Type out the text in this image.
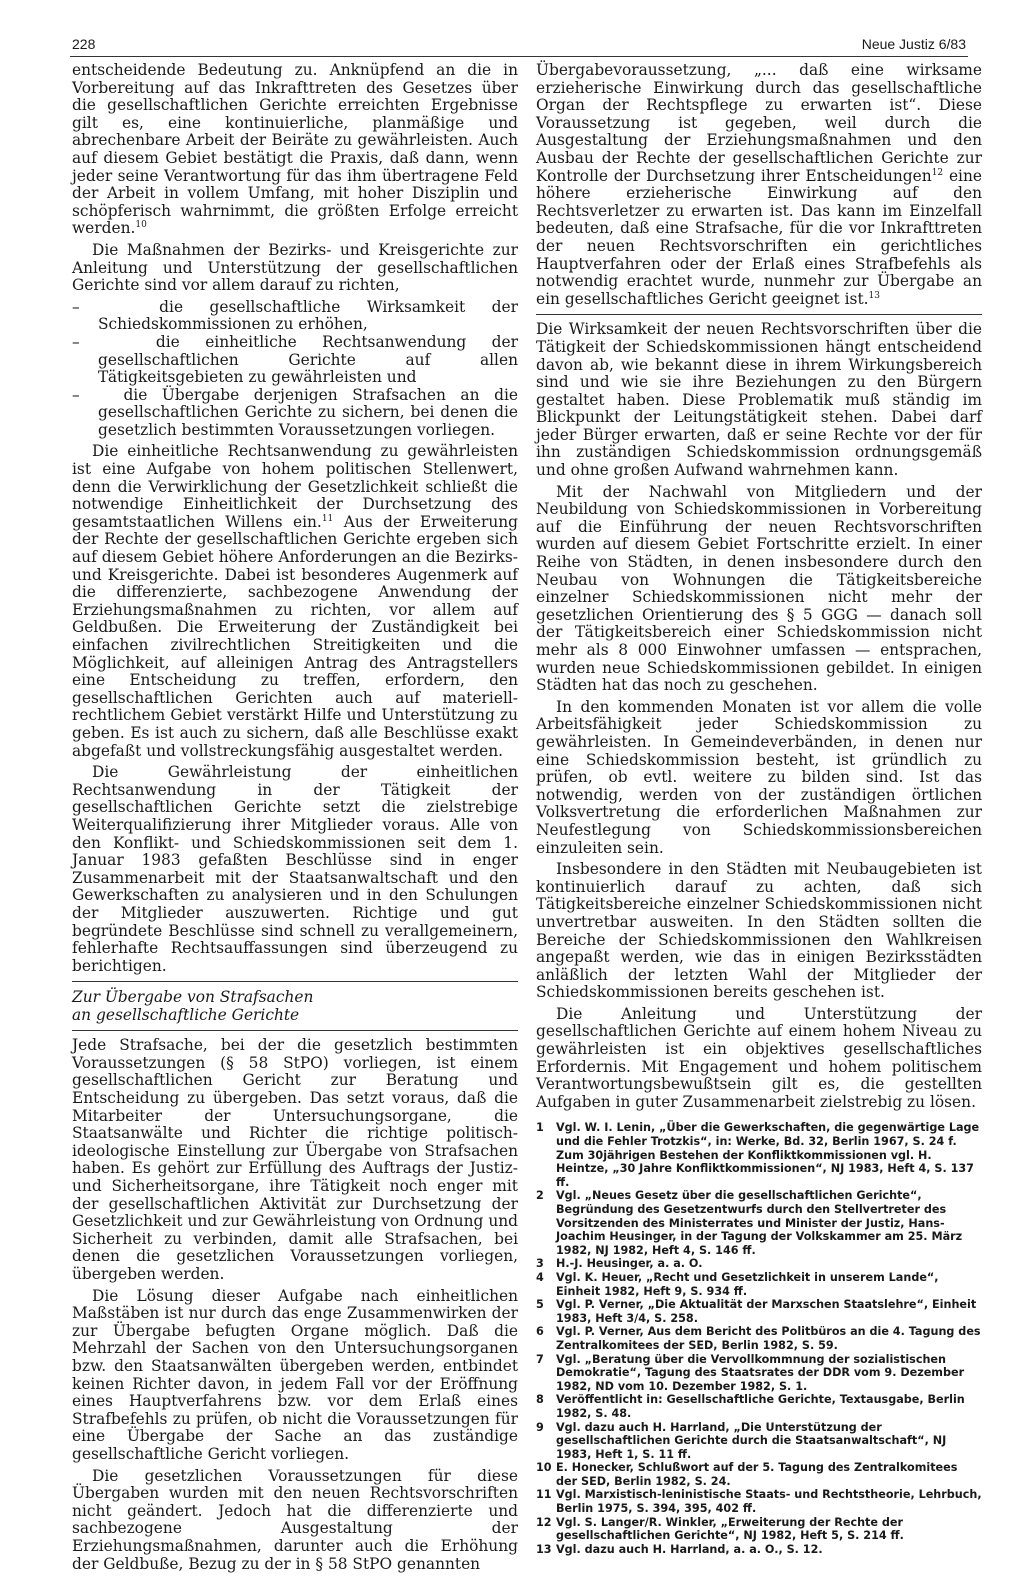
228	Neue Justiz 6/83

entscheidende Bedeutung zu. Anknüpfend an die in Vorbereitung auf das Inkrafttreten des Gesetzes über die gesellschaftlichen Gerichte erreichten Ergebnisse gilt es, eine kontinuierliche, planmäßige und abrechenbare Arbeit der Beiräte zu gewährleisten. Auch auf diesem Gebiet bestätigt die Praxis, daß dann, wenn jeder seine Verantwortung für das ihm übertragene Feld der Arbeit in vollem Umfang, mit hoher Disziplin und schöpferisch wahrnimmt, die größten Erfolge erreicht werden.$^{10}$

Die Maßnahmen der Bezirks- und Kreisgerichte zur Anleitung und Unterstützung der gesellschaftlichen Gerichte sind vor allem darauf zu richten,

–   die gesellschaftliche Wirksamkeit der Schiedskommissionen zu erhöhen,
–   die einheitliche Rechtsanwendung der gesellschaftlichen Gerichte auf allen Tätigkeitsgebieten zu gewährleisten und
–   die Übergabe derjenigen Strafsachen an die gesellschaftlichen Gerichte zu sichern, bei denen die gesetzlich bestimmten Voraussetzungen vorliegen.

Die einheitliche Rechtsanwendung zu gewährleisten ist eine Aufgabe von hohem politischen Stellenwert, denn die Verwirklichung der Gesetzlichkeit schließt die notwendige Einheitlichkeit der Durchsetzung des gesamtstaatlichen Willens ein.$^{11}$ Aus der Erweiterung der Rechte der gesellschaftlichen Gerichte ergeben sich auf diesem Gebiet höhere Anforderungen an die Bezirks- und Kreisgerichte. Dabei ist besonderes Augenmerk auf die differenzierte, sachbezogene Anwendung der Erziehungsmaßnahmen zu richten, vor allem auf Geldbußen. Die Erweiterung der Zuständigkeit bei einfachen zivilrechtlichen Streitigkeiten und die Möglichkeit, auf alleinigen Antrag des Antragstellers eine Entscheidung zu treffen, erfordern, den gesellschaftlichen Gerichten auch auf materiell-rechtlichem Gebiet verstärkt Hilfe und Unterstützung zu geben. Es ist auch zu sichern, daß alle Beschlüsse exakt abgefaßt und vollstreckungsfähig ausgestaltet werden.

Die Gewährleistung der einheitlichen Rechtsanwendung in der Tätigkeit der gesellschaftlichen Gerichte setzt die zielstrebige Weiterqualifizierung ihrer Mitglieder voraus. Alle von den Konflikt- und Schiedskommissionen seit dem 1. Januar 1983 gefaßten Beschlüsse sind in enger Zusammenarbeit mit der Staatsanwaltschaft und den Gewerkschaften zu analysieren und in den Schulungen der Mitglieder auszuwerten. Richtige und gut begründete Beschlüsse sind schnell zu verallgemeinern, fehlerhafte Rechtsauffassungen sind überzeugend zu berichtigen.

Zur Übergabe von Strafsachen
an gesellschaftliche Gerichte

Jede Strafsache, bei der die gesetzlich bestimmten Voraussetzungen (§ 58 StPO) vorliegen, ist einem gesellschaftlichen Gericht zur Beratung und Entscheidung zu übergeben. Das setzt voraus, daß die Mitarbeiter der Untersuchungsorgane, die Staatsanwälte und Richter die richtige politisch-ideologische Einstellung zur Übergabe von Strafsachen haben. Es gehört zur Erfüllung des Auftrags der Justiz- und Sicherheitsorgane, ihre Tätigkeit noch enger mit der gesellschaftlichen Aktivität zur Durchsetzung der Gesetzlichkeit und zur Gewährleistung von Ordnung und Sicherheit zu verbinden, damit alle Strafsachen, bei denen die gesetzlichen Voraussetzungen vorliegen, übergeben werden.

Die Lösung dieser Aufgabe nach einheitlichen Maßstäben ist nur durch das enge Zusammenwirken der zur Übergabe befugten Organe möglich. Daß die Mehrzahl der Sachen von den Untersuchungsorganen bzw. den Staatsanwälten übergeben werden, entbindet keinen Richter davon, in jedem Fall vor der Eröffnung eines Hauptverfahrens bzw. vor dem Erlaß eines Strafbefehls zu prüfen, ob nicht die Voraussetzungen für eine Übergabe der Sache an das zuständige gesellschaftliche Gericht vorliegen.

Die gesetzlichen Voraussetzungen für diese Übergaben wurden mit den neuen Rechtsvorschriften nicht geändert. Jedoch hat die differenzierte und sachbezogene Ausgestaltung der Erziehungsmaßnahmen, darunter auch die Erhöhung der Geldbuße, Bezug zu der in § 58 StPO genannten

Übergabevoraussetzung, „... daß eine wirksame erzieherische Einwirkung durch das gesellschaftliche Organ der Rechtspflege zu erwarten ist“. Diese Voraussetzung ist gegeben, weil durch die Ausgestaltung der Erziehungsmaßnahmen und den Ausbau der Rechte der gesellschaftlichen Gerichte zur Kontrolle der Durchsetzung ihrer Entscheidungen$^{12}$ eine höhere erzieherische Einwirkung auf den Rechtsverletzer zu erwarten ist. Das kann im Einzelfall bedeuten, daß eine Strafsache, für die vor Inkrafttreten der neuen Rechtsvorschriften ein gerichtliches Hauptverfahren oder der Erlaß eines Strafbefehls als notwendig erachtet wurde, nunmehr zur Übergabe an ein gesellschaftliches Gericht geeignet ist.$^{13}$

Die Wirksamkeit der neuen Rechtsvorschriften über die Tätigkeit der Schiedskommissionen hängt entscheidend davon ab, wie bekannt diese in ihrem Wirkungsbereich sind und wie sie ihre Beziehungen zu den Bürgern gestaltet haben. Diese Problematik muß ständig im Blickpunkt der Leitungstätigkeit stehen. Dabei darf jeder Bürger erwarten, daß er seine Rechte vor der für ihn zuständigen Schiedskommission ordnungsgemäß und ohne großen Aufwand wahrnehmen kann.

Mit der Nachwahl von Mitgliedern und der Neubildung von Schiedskommissionen in Vorbereitung auf die Einführung der neuen Rechtsvorschriften wurden auf diesem Gebiet Fortschritte erzielt. In einer Reihe von Städten, in denen insbesondere durch den Neubau von Wohnungen die Tätigkeitsbereiche einzelner Schiedskommissionen nicht mehr der gesetzlichen Orientierung des § 5 GGG — danach soll der Tätigkeitsbereich einer Schiedskommission nicht mehr als 8 000 Einwohner umfassen — entsprachen, wurden neue Schiedskommissionen gebildet. In einigen Städten hat das noch zu geschehen.

In den kommenden Monaten ist vor allem die volle Arbeitsfähigkeit jeder Schiedskommission zu gewährleisten. In Gemeindeverbänden, in denen nur eine Schiedskommission besteht, ist gründlich zu prüfen, ob evtl. weitere zu bilden sind. Ist das notwendig, werden von der zuständigen örtlichen Volksvertretung die erforderlichen Maßnahmen zur Neufestlegung von Schiedskommissionsbereichen einzuleiten sein.

Insbesondere in den Städten mit Neubaugebieten ist kontinuierlich darauf zu achten, daß sich Tätigkeitsbereiche einzelner Schiedskommissionen nicht unvertretbar ausweiten. In den Städten sollten die Bereiche der Schiedskommissionen den Wahlkreisen angepaßt werden, wie das in einigen Bezirksstädten anläßlich der letzten Wahl der Mitglieder der Schiedskommissionen bereits geschehen ist.

Die Anleitung und Unterstützung der gesellschaftlichen Gerichte auf einem hohem Niveau zu gewährleisten ist ein objektives gesellschaftliches Erfordernis. Mit Engagement und hohem politischem Verantwortungsbewußtsein gilt es, die gestellten Aufgaben in guter Zusammenarbeit zielstrebig zu lösen.

1	Vgl. W. I. Lenin, „Über die Gewerkschaften, die gegenwärtige Lage und die Fehler Trotzkis“, in: Werke, Bd. 32, Berlin 1967, S. 24 f.
Zum 30jährigen Bestehen der Konfliktkommissionen vgl. H. Heintze, „30 Jahre Konfliktkommissionen“, NJ 1983, Heft 4, S. 137 ff.
2	Vgl. „Neues Gesetz über die gesellschaftlichen Gerichte“, Begründung des Gesetzentwurfs durch den Stellvertreter des Vorsitzenden des Ministerrates und Minister der Justiz, Hans-Joachim Heusinger, in der Tagung der Volkskammer am 25. März 1982, NJ 1982, Heft 4, S. 146 ff.
3	H.-J. Heusinger, a. a. O.
4	Vgl. K. Heuer, „Recht und Gesetzlichkeit in unserem Lande“, Einheit 1982, Heft 9, S. 934 ff.
5	Vgl. P. Verner, „Die Aktualität der Marxschen Staatslehre“, Einheit 1983, Heft 3/4, S. 258.
6	Vgl. P. Verner, Aus dem Bericht des Politbüros an die 4. Tagung des Zentralkomitees der SED, Berlin 1982, S. 59.
7	Vgl. „Beratung über die Vervollkommnung der sozialistischen Demokratie“, Tagung des Staatsrates der DDR vom 9. Dezember 1982, ND vom 10. Dezember 1982, S. 1.
8	Veröffentlicht in: Gesellschaftliche Gerichte, Textausgabe, Berlin 1982, S. 48.
9	Vgl. dazu auch H. Harrland, „Die Unterstützung der gesellschaftlichen Gerichte durch die Staatsanwaltschaft“, NJ 1983, Heft 1, S. 11 ff.
10 E. Honecker, Schlußwort auf der 5. Tagung des Zentralkomitees der SED, Berlin 1982, S. 24.
11 Vgl. Marxistisch-leninistische Staats- und Rechtstheorie, Lehrbuch, Berlin 1975, S. 394, 395, 402 ff.
12 Vgl. S. Langer/R. Winkler, „Erweiterung der Rechte der gesellschaftlichen Gerichte“, NJ 1982, Heft 5, S. 214 ff.
13 Vgl. dazu auch H. Harrland, a. a. O., S. 12.
